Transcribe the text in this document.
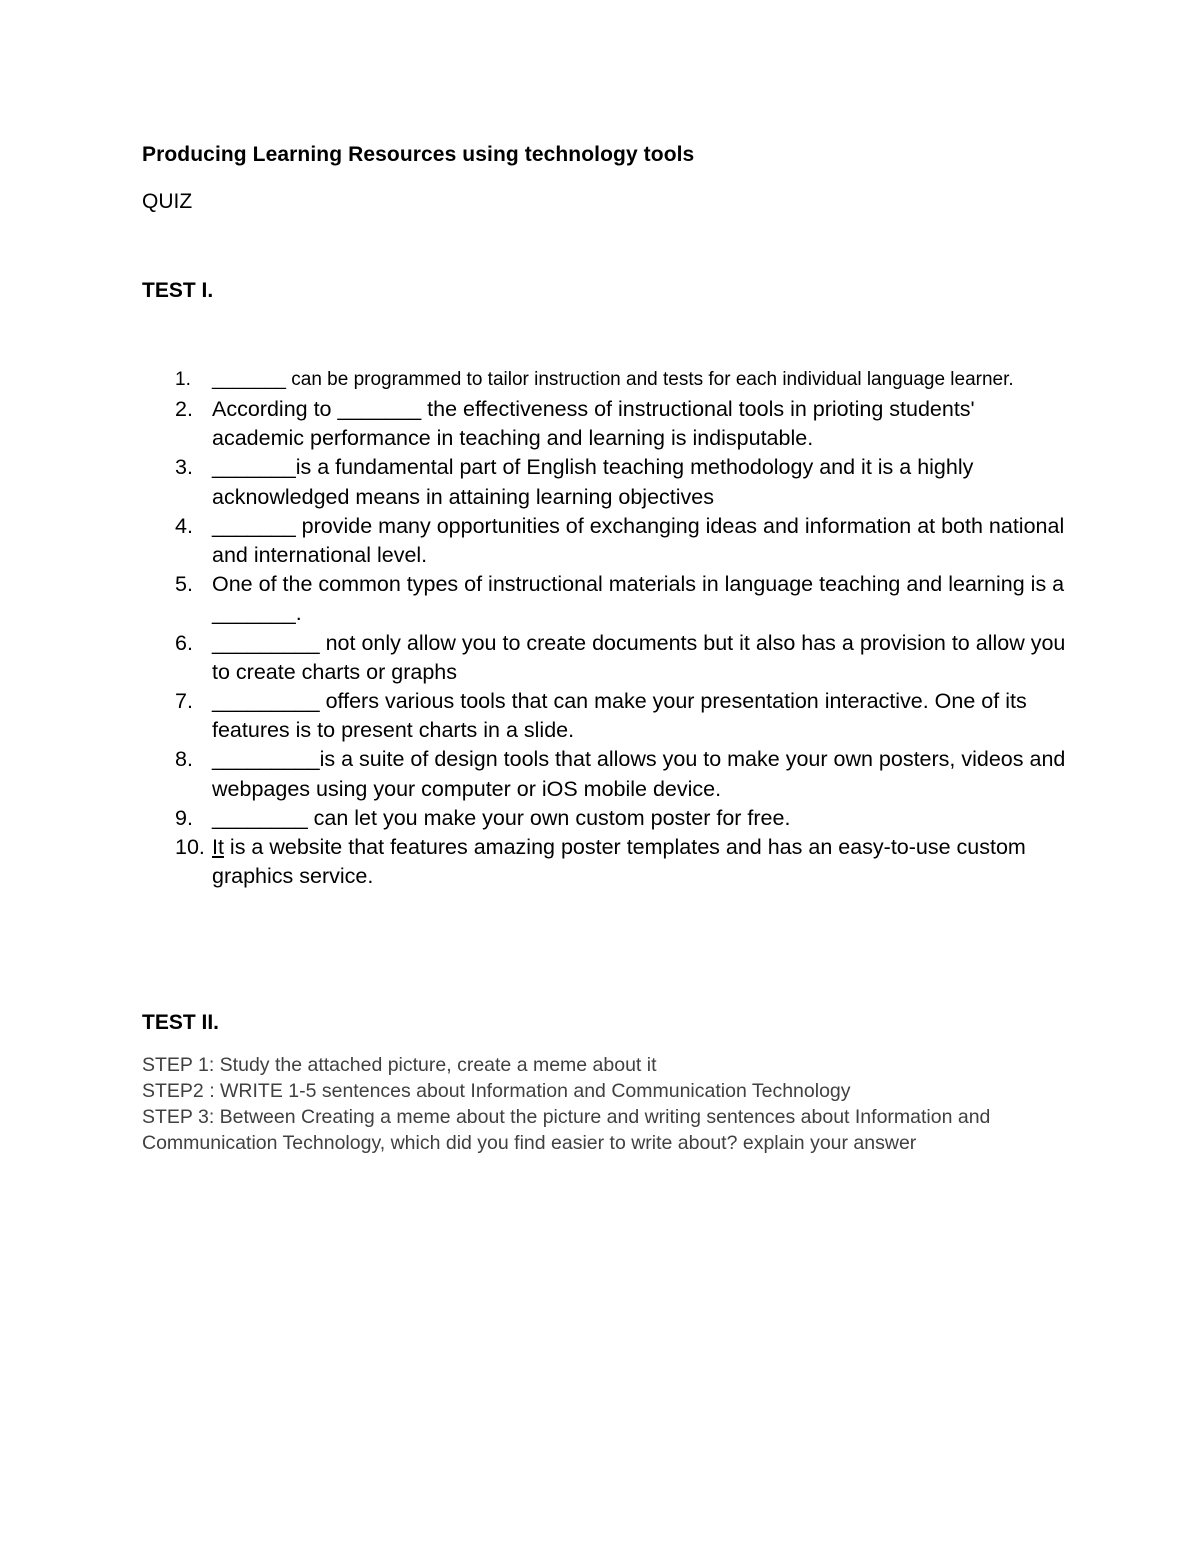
Producing Learning Resources using technology tools
QUIZ
TEST I.
1.	_______ can be programmed to tailor instruction and tests for each individual language learner.
2. According to _______ the effectiveness of instructional tools in prioting students' academic performance in teaching and learning is indisputable.
3. _______is a fundamental part of English teaching methodology and it is a highly acknowledged means in attaining learning objectives
4. _______ provide many opportunities of exchanging ideas and information at both national and international level.
5. One of the common types of instructional materials in language teaching and learning is a _______.
6. _________ not only allow you to create documents but it also has a provision to allow you to create charts or graphs
7. _________ offers various tools that can make your presentation interactive. One of its features is to present charts in a slide.
8. _________is a suite of design tools that allows you to make your own posters, videos and webpages using your computer or iOS mobile device.
9. ________ can let you make your own custom poster for free.
10. It is a website that features amazing poster templates and has an easy-to-use custom graphics service.
TEST II.
STEP 1: Study the attached picture, create a meme about it
STEP2 : WRITE 1-5 sentences about Information and Communication Technology
STEP 3: Between Creating a meme about the picture and writing sentences about Information and Communication Technology, which did you find easier to write about? explain your answer
